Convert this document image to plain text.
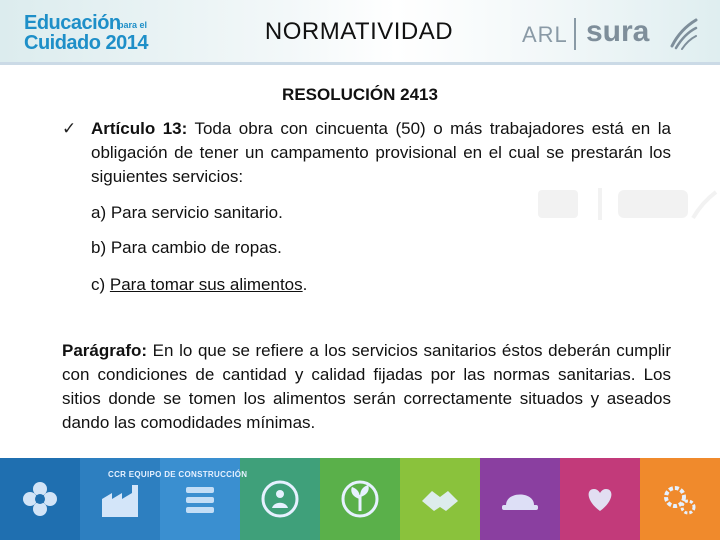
Educación
para el
Cuidado 2014	NORMATIVIDAD	ARL sura
RESOLUCIÓN 2413
✓ Artículo 13: Toda obra con cincuenta (50) o más trabajadores está en la obligación de tener un campamento provisional en el cual se prestarán los siguientes servicios:

a) Para servicio sanitario.

b) Para cambio de ropas.

c) Para tomar sus alimentos.

Parágrafo: En lo que se refiere a los servicios sanitarios éstos deberán cumplir con condiciones de cantidad y calidad fijadas por las normas sanitarias. Los sitios donde se tomen los alimentos serán correctamente situados y aseados dando las comodidades mínimas.

CCR EQUIPO DE CONSTRUCCIÓN
